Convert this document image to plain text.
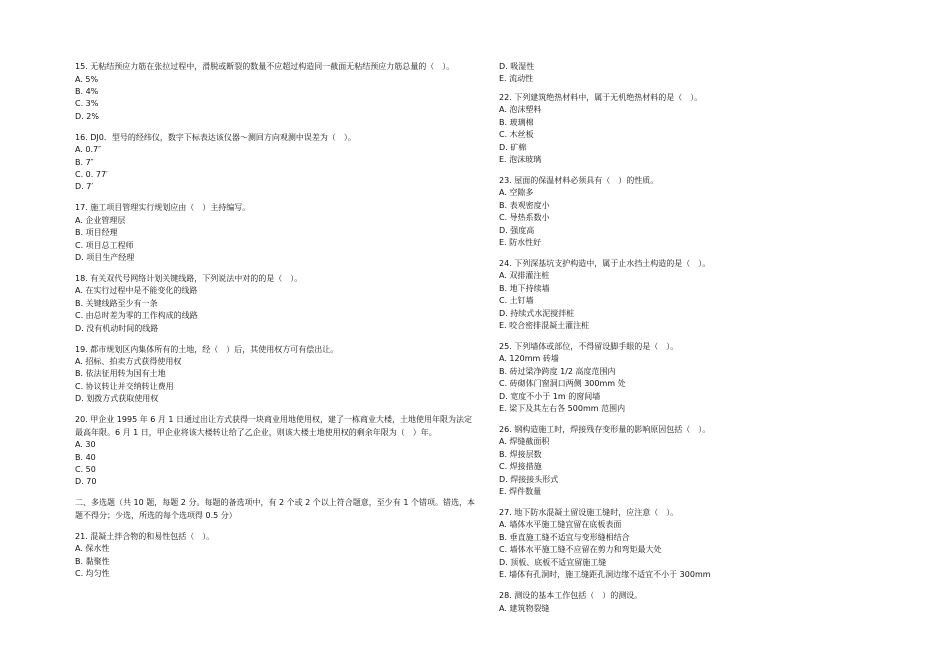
15. 无粘结预应力筋在张拉过程中，滑脱或断裂的数量不应超过构造同一截面无粘结预应力筋总量的（　）。
A. 5%
B. 4%
C. 3%
D. 2%
16. DJ0．型号的经纬仪，数字下标表达该仪器～测回方向观测中误差为（　）。
A. 0.7″
B. 7″
C. 0. 77′
D. 7′
17. 施工项目管理实行规划应由（　）主持编写。
A. 企业管理层
B. 项目经理
C. 项目总工程师
D. 项目生产经理
18. 有关双代号网络计划关键线路，下列说法中对的的是（　）。
A. 在实行过程中是不能变化的线路
B. 关键线路至少有一条
C. 由总时差为零的工作构成的线路
D. 没有机动时间的线路
19. 都市规划区内集体所有的土地，经（　）后，其使用权方可有偿出让。
A. 招标、拍卖方式获得使用权
B. 依法征用转为国有土地
C. 协议转让并交纳转让费用
D. 划拨方式获取使用权
20. 甲企业 1995 年 6 月 1 日通过出让方式获得一块商业用地使用权，建了一栋商业大楼，土地使用年限为法定最高年限。6 月 1 日，甲企业将该大楼转让给了乙企业，则该大楼土地使用权的剩余年限为（　）年。
A. 30
B. 40
C. 50
D. 70
二、多选题（共 10 题，每题 2 分。每题的备选项中，有 2 个或 2 个以上符合题意，至少有 1 个错项。错选，本题不得分；少选，所选的每个选项得 0.5 分）
21. 混凝土拌合物的和易性包括（　）。
A. 保水性
B. 黏聚性
C. 均匀性
D. 吸湿性
E. 流动性
22. 下列建筑绝热材料中，属于无机绝热材料的是（　）。
A. 泡沫塑料
B. 玻璃棉
C. 木丝板
D. 矿棉
E. 泡沫玻璃
23. 屋面的保温材料必须具有（　）的性质。
A. 空隙多
B. 表观密度小
C. 导热系数小
D. 强度高
E. 防水性好
24. 下列深基坑支护构造中，属于止水挡土构造的是（　）。
A. 双排灌注桩
B. 地下持续墙
C. 土钉墙
D. 持续式水泥搅拌桩
E. 咬合密排混凝土灌注桩
25. 下列墙体或部位，不得留设脚手眼的是（　）。
A. 120mm 砖墙
B. 砖过梁净跨度 1/2 高度范围内
C. 砖砌体门窗洞口两侧 300mm 处
D. 宽度不小于 1m 的窗间墙
E. 梁下及其左右各 500mm 范围内
26. 钢构造施工时，焊接残存变形量的影响原因包括（　）。
A. 焊缝截面积
B. 焊接层数
C. 焊接措施
D. 焊接接头形式
E. 焊件数量
27. 地下防水混凝土留设施工缝时，应注意（　）。
A. 墙体水平施工缝宜留在底板表面
B. 垂直施工缝不适宜与变形缝相结合
C. 墙体水平施工缝不应留在剪力和弯矩最大处
D. 顶板、底板不适宜留施工缝
E. 墙体有孔洞时，施工缝距孔洞边缘不适宜不小于 300mm
28. 测设的基本工作包括（　）的测设。
A. 建筑物裂缝
